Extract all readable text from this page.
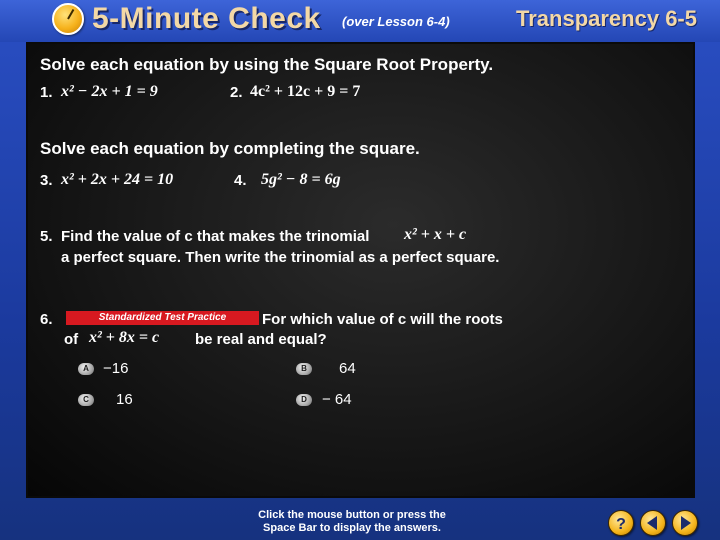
5-Minute Check (over Lesson 6-4)	Transparency 6-5
Solve each equation by using the Square Root Property.
1. x² − 2x + 1 = 9	2. 4c² + 12c + 9 = 7
Solve each equation by completing the square.
3. x² + 2x + 24 = 10	4. 5g² − 8 = 6g
5. Find the value of c that makes the trinomial x² + x + c
a perfect square. Then write the trinomial as a perfect square.
6.	Standardized Test Practice	For which value of c will the roots
of x² + 8x = c be real and equal?
A −16	B	64
C	16	D	− 64
Click the mouse button or press the
Space Bar to display the answers.	?
